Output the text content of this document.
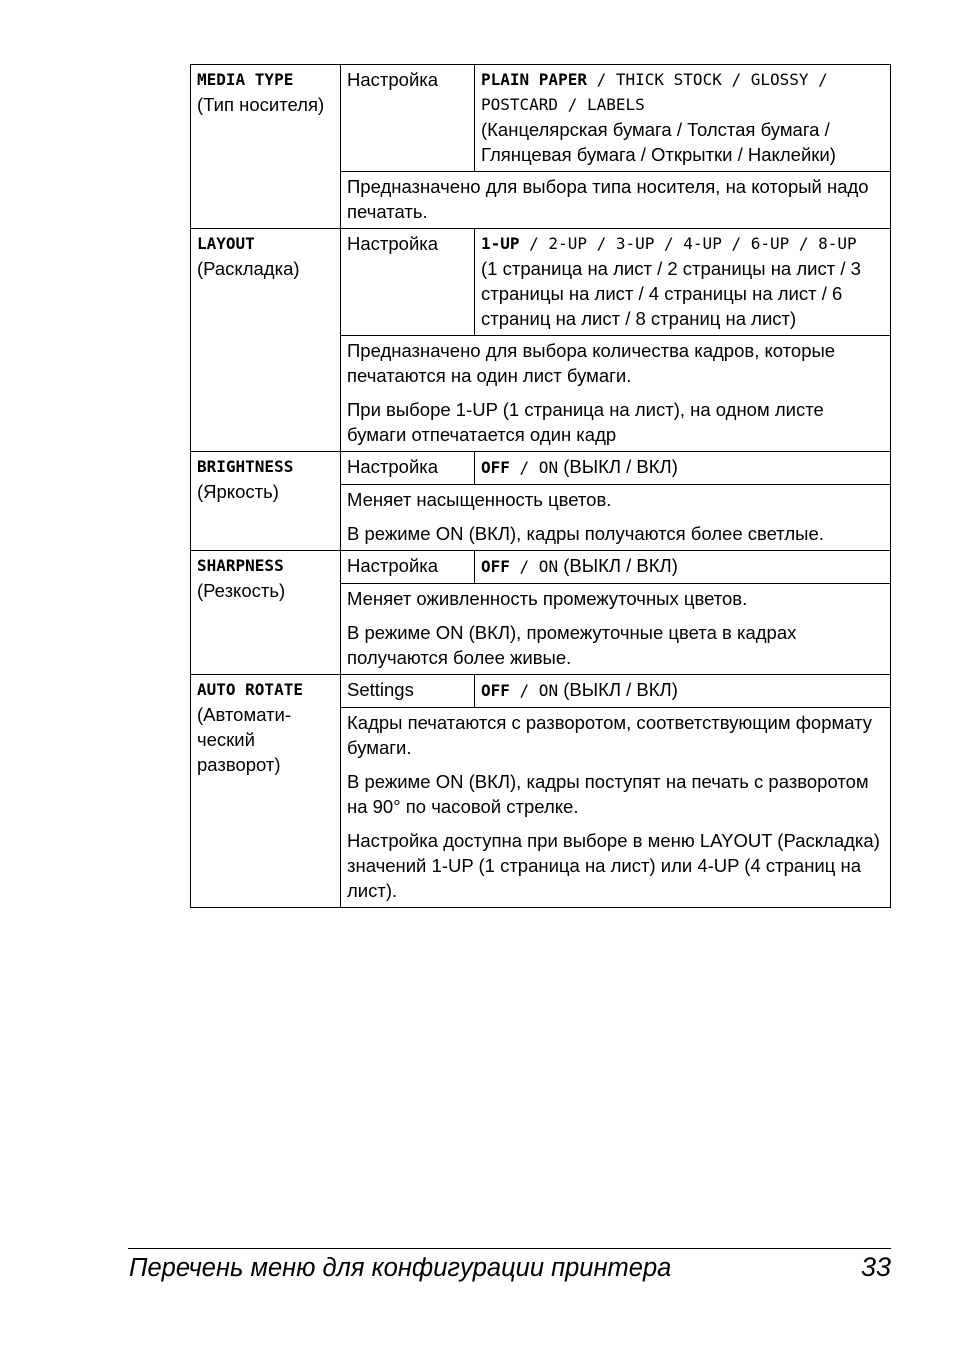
MEDIA TYPE
(Тип носителя)	Настройка	PLAIN PAPER / THICK STOCK / GLOSSY /
POSTCARD / LABELS
(Канцелярская бумага / Толстая бумага / Глянцевая бумага / Открытки / Наклейки)

	Предназначено для выбора типа носителя, на который надо печатать.	

LAYOUT
(Раскладка)	Настройка	1-UP / 2-UP / 3-UP / 4-UP / 6-UP / 8-UP
(1 страница на лист / 2 страницы на лист / 3 страницы на лист / 4 страницы на лист / 6 страниц на лист / 8 страниц на лист)

	Предназначено для выбора количества кадров, которые печатаются на один лист бумаги.

При выборе 1-UP (1 страница на лист), на одном листе бумаги отпечатается один кадр	

BRIGHTNESS
(Яркость)	Настройка	OFF / ON (ВЫКЛ / ВКЛ)

	Меняет насыщенность цветов.

В режиме ON (ВКЛ), кадры получаются более светлые.	

SHARPNESS
(Резкость)	Настройка	OFF / ON (ВЫКЛ / ВКЛ)

	Меняет оживленность промежуточных цветов.

В режиме ON (ВКЛ), промежуточные цвета в кадрах получаются более живые.	

AUTO ROTATE
(Автомати-ческий разворот)	Settings	OFF / ON (ВЫКЛ / ВКЛ)

	Кадры печатаются с разворотом, соответствующим формату бумаги.

В режиме ON (ВКЛ), кадры поступят на печать с разворотом на 90° по часовой стрелке.

Настройка доступна при выборе в меню LAYOUT (Раскладка) значений 1-UP (1 страница на лист) или 4-UP (4 страниц на лист).	

Перечень меню для конфигурации принтера	33
